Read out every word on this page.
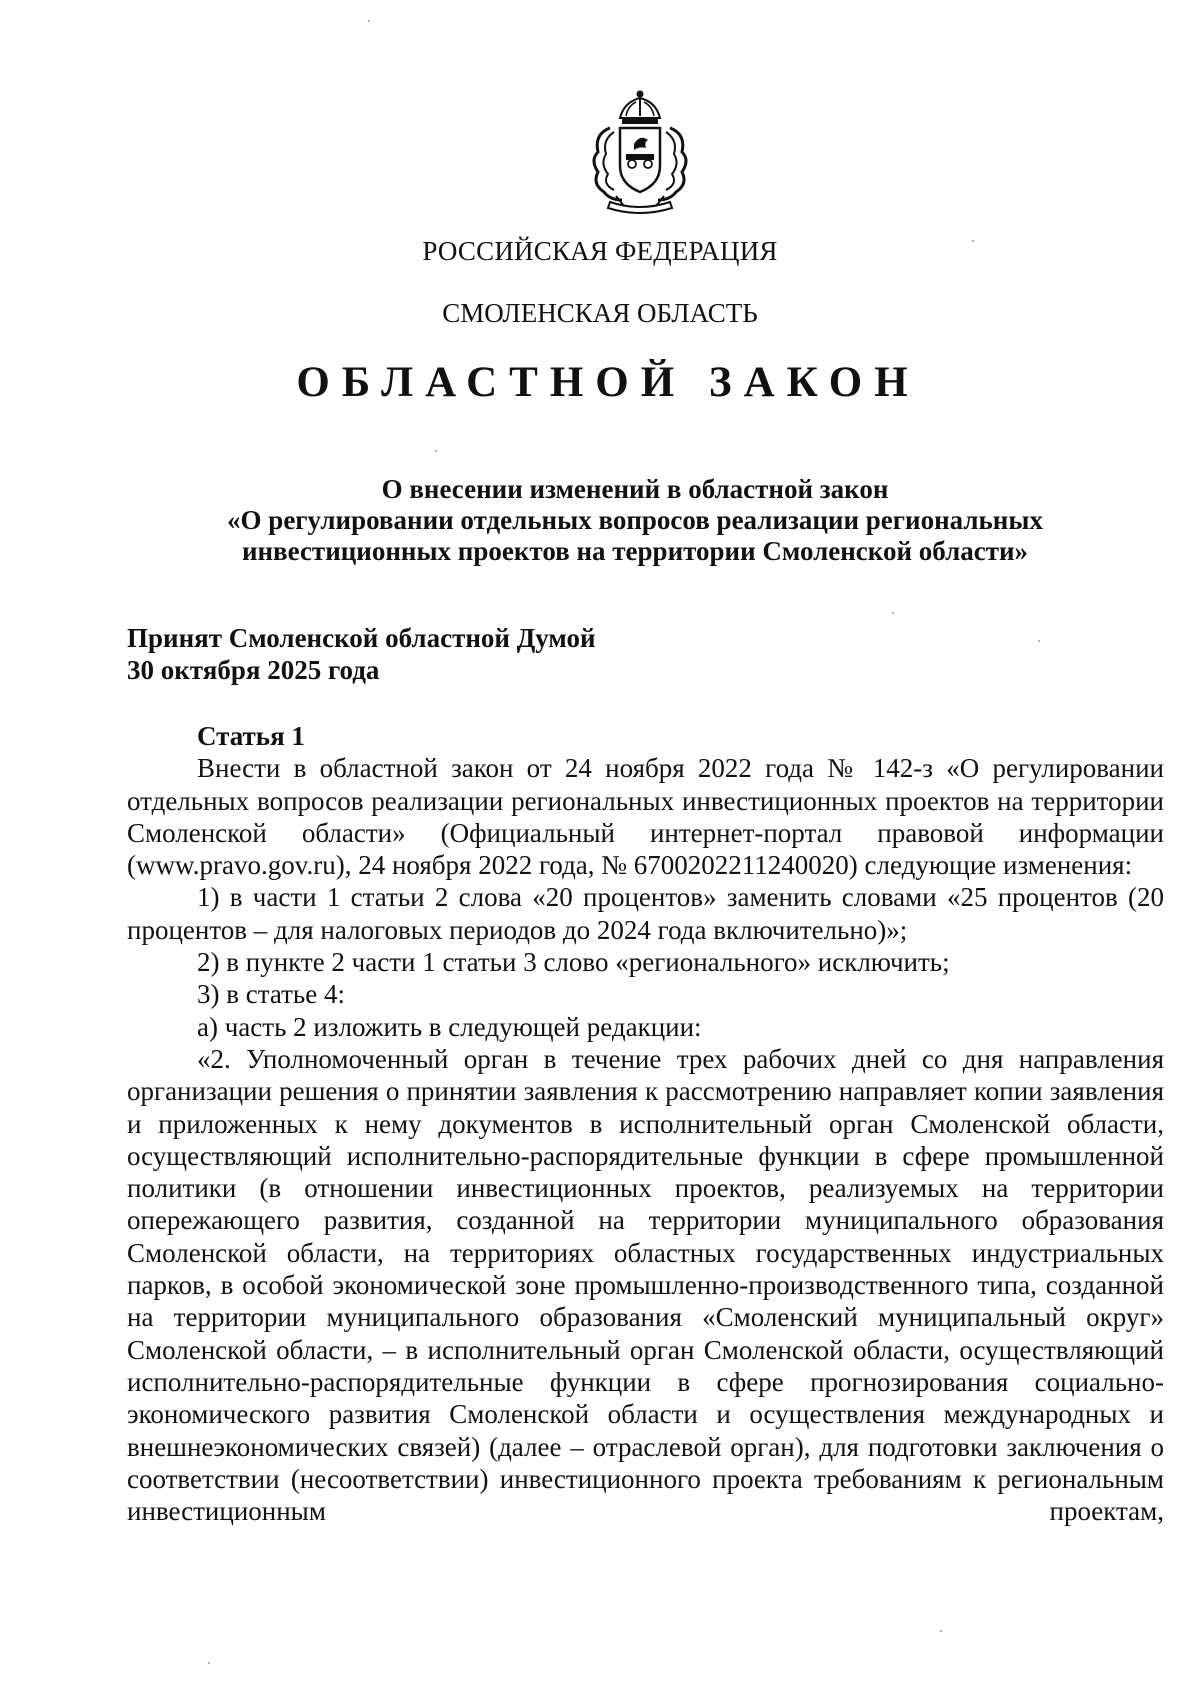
РОССИЙСКАЯ ФЕДЕРАЦИЯ
СМОЛЕНСКАЯ ОБЛАСТЬ
ОБЛАСТНОЙ ЗАКОН
О внесении изменений в областной закон
«О регулировании отдельных вопросов реализации региональных
инвестиционных проектов на территории Смоленской области»
Принят Смоленской областной Думой
30 октября 2025 года
Статья 1

Внести в областной закон от 24 ноября 2022 года № 142-з «О регулировании отдельных вопросов реализации региональных инвестиционных проектов на территории Смоленской области» (Официальный интернет-портал правовой информации (www.pravo.gov.ru), 24 ноября 2022 года, № 6700202211240020) следующие изменения:

1) в части 1 статьи 2 слова «20 процентов» заменить словами «25 процентов (20 процентов – для налоговых периодов до 2024 года включительно)»;

2) в пункте 2 части 1 статьи 3 слово «регионального» исключить;

3) в статье 4:

а) часть 2 изложить в следующей редакции:

«2. Уполномоченный орган в течение трех рабочих дней со дня направления организации решения о принятии заявления к рассмотрению направляет копии заявления и приложенных к нему документов в исполнительный орган Смоленской области, осуществляющий исполнительно-распорядительные функции в сфере промышленной политики (в отношении инвестиционных проектов, реализуемых на территории опережающего развития, созданной на территории муниципального образования Смоленской области, на территориях областных государственных индустриальных парков, в особой экономической зоне промышленно-производственного типа, созданной на территории муниципального образования «Смоленский муниципальный округ» Смоленской области, – в исполнительный орган Смоленской области, осуществляющий исполнительно-распорядительные функции в сфере прогнозирования социально-экономического развития Смоленской области и осуществления международных и внешнеэкономических связей) (далее – отраслевой орган), для подготовки заключения о соответствии (несоответствии) инвестиционного проекта требованиям к региональным инвестиционным проектам,
